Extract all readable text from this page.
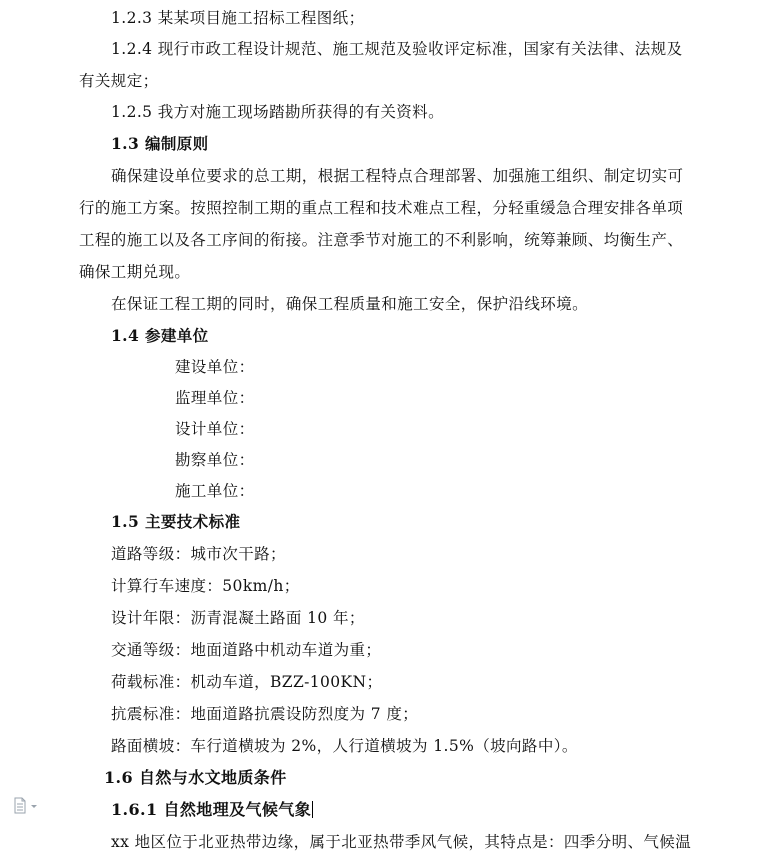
1.2.3 某某项目施工招标工程图纸；
1.2.4 现行市政工程设计规范、施工规范及验收评定标准，国家有关法律、法规及
有关规定；
1.2.5 我方对施工现场踏勘所获得的有关资料。
1.3 编制原则
确保建设单位要求的总工期，根据工程特点合理部署、加强施工组织、制定切实可
行的施工方案。按照控制工期的重点工程和技术难点工程，分轻重缓急合理安排各单项
工程的施工以及各工序间的衔接。注意季节对施工的不利影响，统筹兼顾、均衡生产、
确保工期兑现。
在保证工程工期的同时，确保工程质量和施工安全，保护沿线环境。
1.4 参建单位
建设单位：
监理单位：
设计单位：
勘察单位：
施工单位：
1.5 主要技术标准
道路等级：城市次干路；
计算行车速度：50km/h；
设计年限：沥青混凝土路面 10 年；
交通等级：地面道路中机动车道为重；
荷载标准：机动车道，BZZ-100KN；
抗震标准：地面道路抗震设防烈度为 7 度；
路面横坡：车行道横坡为 2%，人行道横坡为 1.5%（坡向路中）。
1.6 自然与水文地质条件
1.6.1 自然地理及气候气象
xx 地区位于北亚热带边缘，属于北亚热带季风气候，其特点是：四季分明、气候温
